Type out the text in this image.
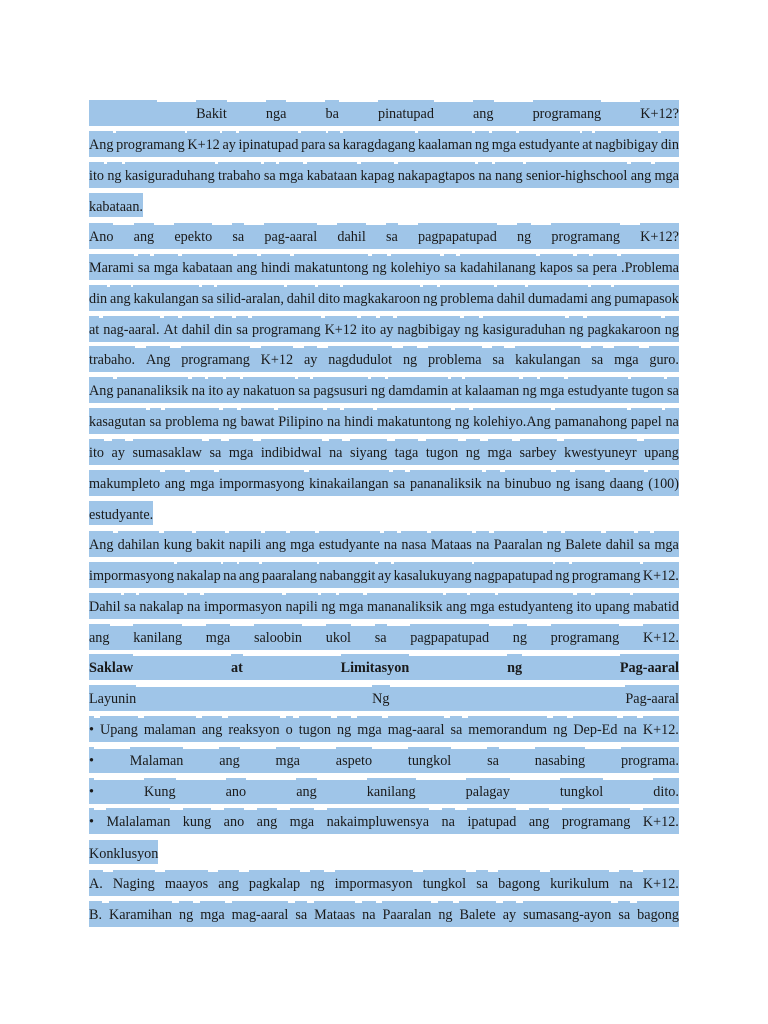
Bakit	nga	ba	pinatupad	ang	programang	K+12?
Ang programang K+12 ay ipinatupad para sa karagdagang kaalaman ng mga estudyante at nagbibigay din
ito ng kasiguraduhang trabaho sa mga kabataan kapag nakapagtapos na nang senior-highschool ang mga
kabataan.
Ano ang epekto sa pag-aaral dahil sa pagpapatupad ng programang K+12?
Marami sa mga kabataan ang hindi makatuntong ng kolehiyo sa kadahilanang kapos sa pera .Problema
din ang kakulangan sa silid-aralan, dahil dito magkakaroon ng problema dahil dumadami ang pumapasok
at nag-aaral. At dahil din sa programang K+12 ito ay nagbibigay ng kasiguraduhan ng pagkakaroon ng
trabaho. Ang programang K+12 ay nagdudulot ng problema sa kakulangan sa mga guro.
Ang pananaliksik na ito ay nakatuon sa pagsusuri ng damdamin at kalaaman ng mga estudyante tugon sa
kasagutan sa problema ng bawat Pilipino na hindi makatuntong ng kolehiyo.Ang pamanahong papel na
ito ay sumasaklaw sa mga indibidwal na siyang taga tugon ng mga sarbey kwestyuneyr upang
makumpleto ang mga impormasyong kinakailangan sa pananaliksik na binubuo ng isang daang (100)
estudyante.
Ang dahilan kung bakit napili ang mga estudyante na nasa Mataas na Paaralan ng Balete dahil sa mga
impormasyong nakalap na ang paaralang nabanggit ay kasalukuyang nagpapatupad ng programang K+12.
Dahil sa nakalap na impormasyon napili ng mga mananaliksik ang mga estudyanteng ito upang mabatid
ang kanilang mga saloobin ukol sa pagpapatupad ng programang K+12.
Saklaw	at	Limitasyon	ng	Pag-aaral
Layunin	Ng	Pag-aaral
• Upang malaman ang reaksyon o tugon ng mga mag-aaral sa memorandum ng Dep-Ed na K+12.
•	Malaman	ang	mga	aspeto	tungkol	sa	nasabing	programa.
•	Kung	ano	ang	kanilang	palagay	tungkol	dito.
• Malalaman kung ano ang mga nakaimpluwensya na ipatupad ang programang K+12.
Konklusyon
A. Naging maayos ang pagkalap ng impormasyon tungkol sa bagong kurikulum na K+12.
B. Karamihan ng mga mag-aaral sa Mataas na Paaralan ng Balete ay sumasang-ayon sa bagong
